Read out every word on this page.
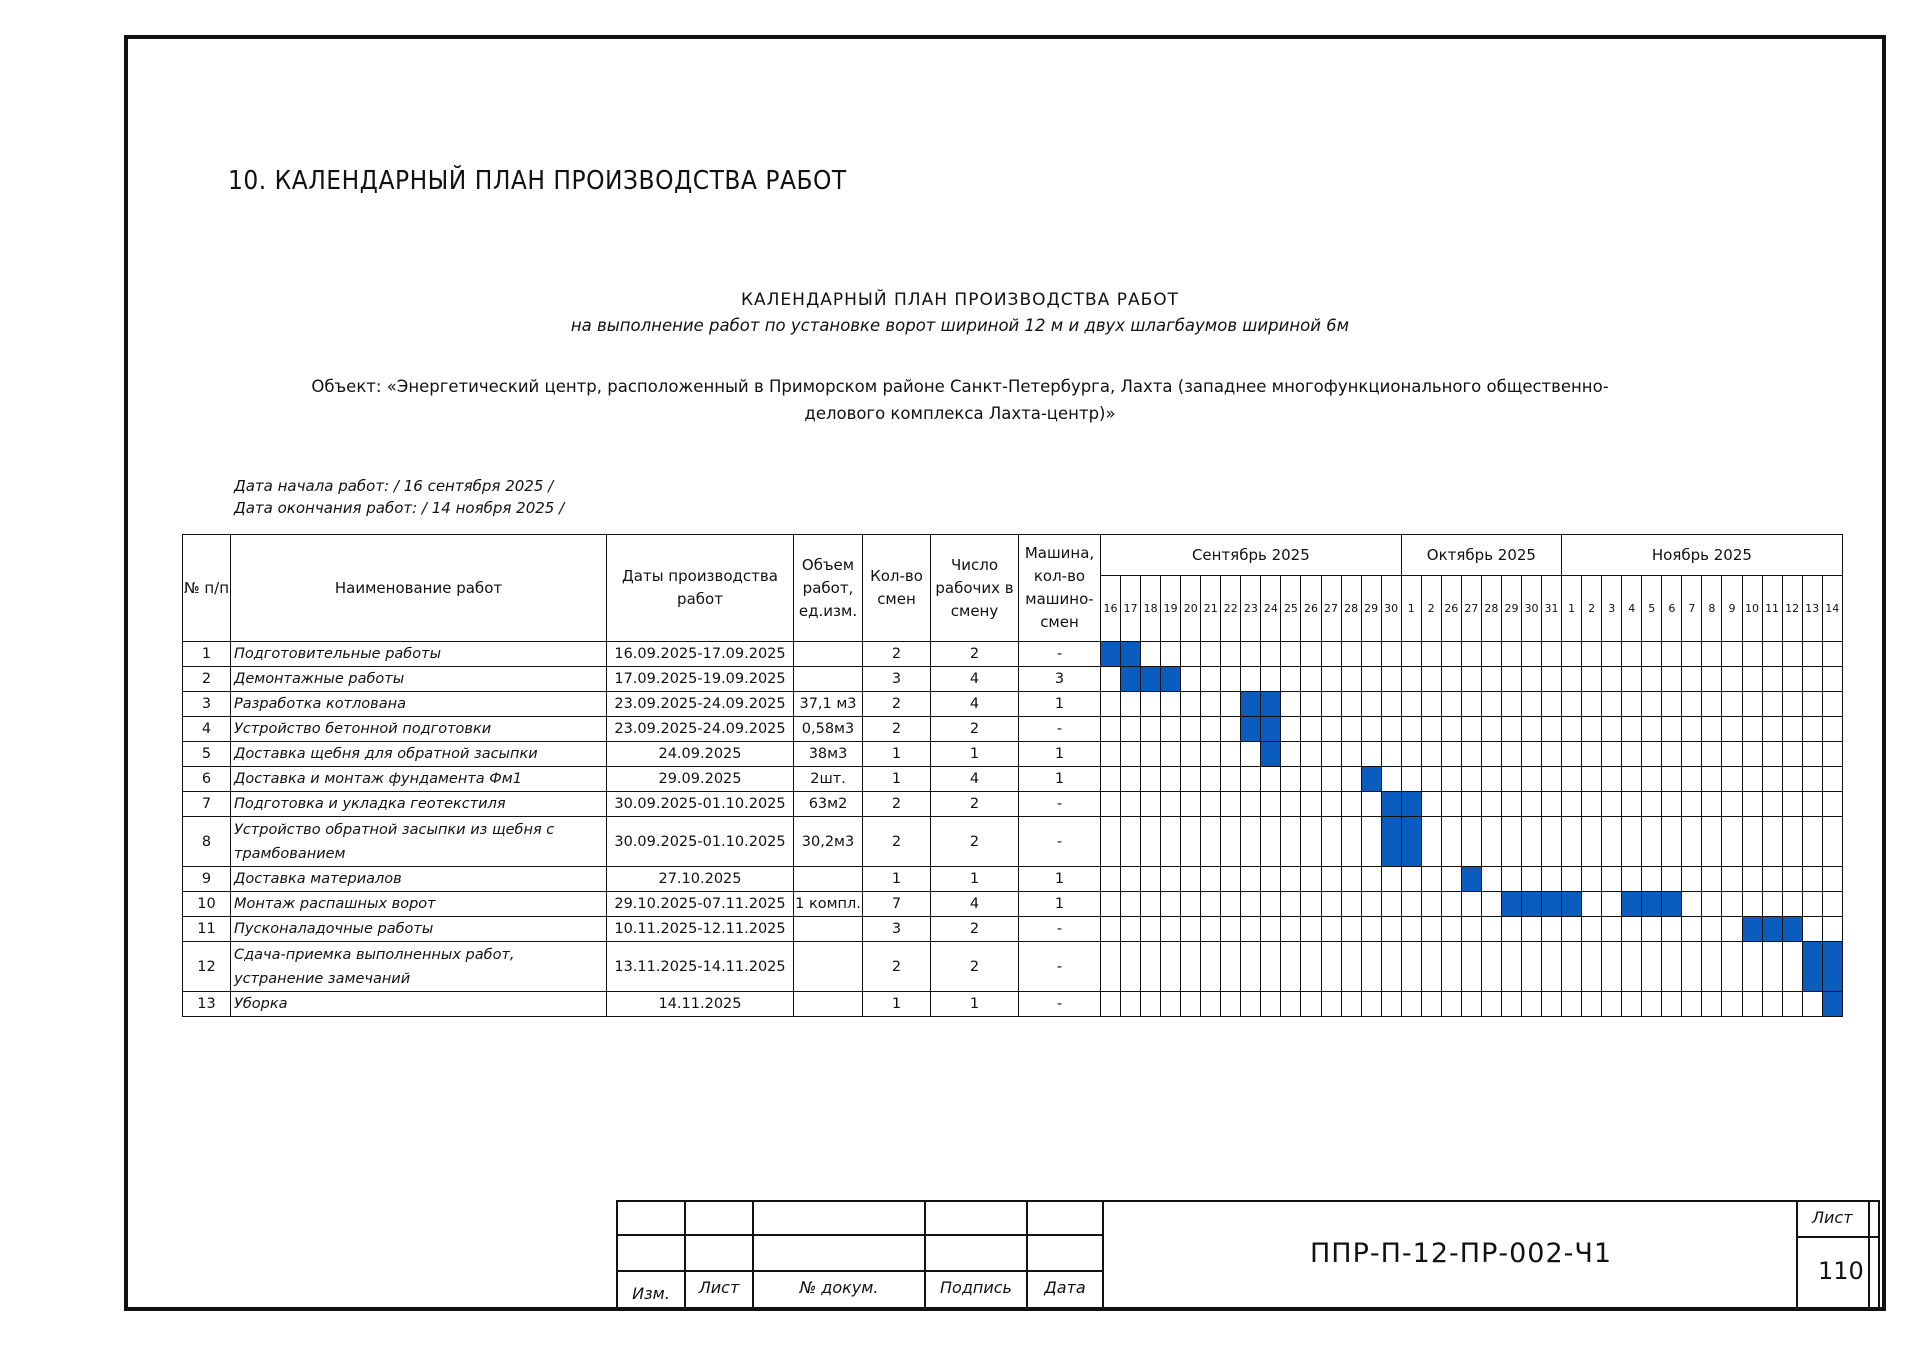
10. КАЛЕНДАРНЫЙ ПЛАН ПРОИЗВОДСТВА РАБОТ
КАЛЕНДАРНЫЙ ПЛАН ПРОИЗВОДСТВА РАБОТ
на выполнение работ по установке ворот шириной 12 м и двух шлагбаумов шириной 6м
Объект: «Энергетический центр, расположенный в Приморском районе Санкт-Петербурга, Лахта (западнее многофункционального общественно-
делового комплекса Лахта-центр)»
Дата начала работ: / 16 сентября 2025 /
Дата окончания работ: / 14 ноября 2025 /
№ п/п	Наименование работ	Даты производства работ	Объем работ, ед.изм.	Кол-во смен	Число рабочих в смену	Машина, кол-во машино-смен	Сентябрь 2025															Октябрь 2025								Ноябрь 2025													
							16	17	18	19	20	21	22	23	24	25	26	27	28	29	30	1	2	26	27	28	29	30	31	1	2	3	4	5	6	7	8	9	10	11	12	13	14
1	Подготовительные работы	16.09.2025-17.09.2025		2	2	-																																					
2	Демонтажные работы	17.09.2025-19.09.2025		3	4	3																																					
3	Разработка котлована	23.09.2025-24.09.2025	37,1 м3	2	4	1																																					
4	Устройство бетонной подготовки	23.09.2025-24.09.2025	0,58м3	2	2	-																																					
5	Доставка щебня для обратной засыпки	24.09.2025	38м3	1	1	1																																					
6	Доставка и монтаж фундамента Фм1	29.09.2025	2шт.	1	4	1																																					
7	Подготовка и укладка геотекстиля	30.09.2025-01.10.2025	63м2	2	2	-																																					
8	Устройство обратной засыпки из щебня с трамбованием	30.09.2025-01.10.2025	30,2м3	2	2	-																																					
9	Доставка материалов	27.10.2025		1	1	1																																					
10	Монтаж распашных ворот	29.10.2025-07.11.2025	1 компл.	7	4	1																																					
11	Пусконаладочные работы	10.11.2025-12.11.2025		3	2	-																																					
12	Сдача-приемка выполненных работ, устранение замечаний	13.11.2025-14.11.2025		2	2	-																																					
13	Уборка	14.11.2025		1	1	-																																					
Изм.	Лист	№ докум.	Подпись	Дата
ППР-П-12-ПР-002-Ч1
Лист
110
